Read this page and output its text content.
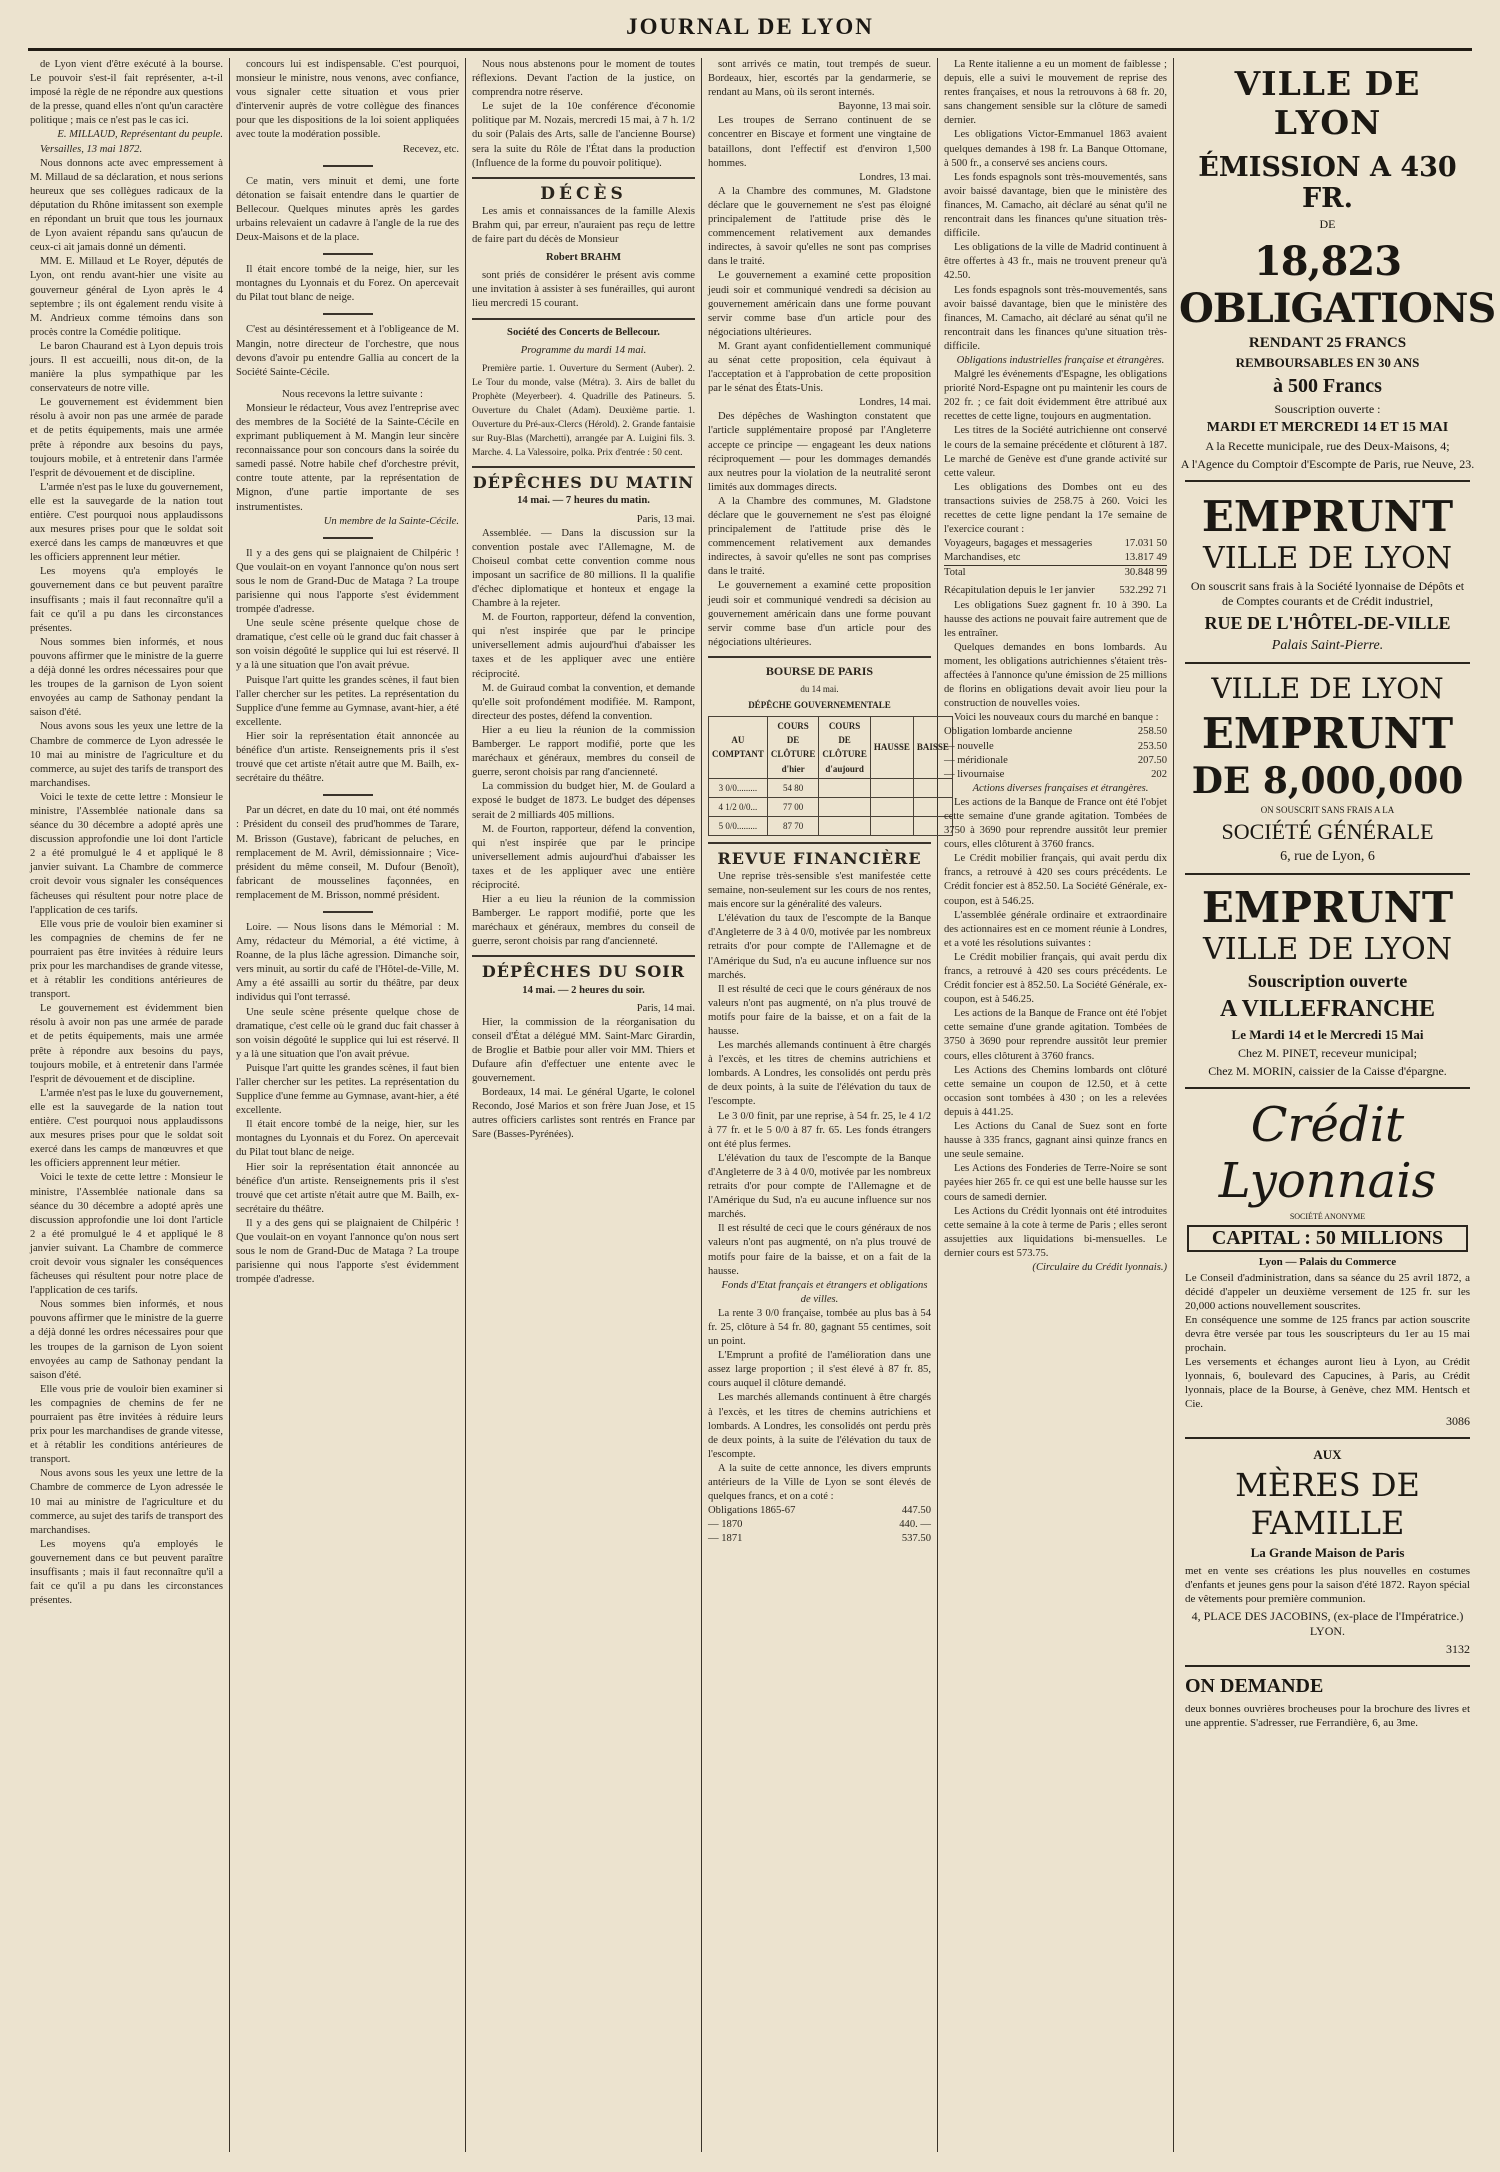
JOURNAL DE LYON

de Lyon vient d'être exécuté à la bourse. Le pouvoir s'est-il fait représenter, a-t-il imposé la règle de ne répondre aux questions de la presse, quand elles n'ont qu'un caractère politique ; mais ce n'est pas le cas ici.

E. MILLAUD, Représentant du peuple.

Versailles, 13 mai 1872.

Nous donnons acte avec empressement à M. Millaud de sa déclaration, et nous serions heureux que ses collègues radicaux de la députation du Rhône imitassent son exemple en répondant un bruit que tous les journaux de Lyon avaient répandu sans qu'aucun de ceux-ci ait jamais donné un démenti.

MM. E. Millaud et Le Royer, députés de Lyon, ont rendu avant-hier une visite au gouverneur général de Lyon après le 4 septembre ; ils ont également rendu visite à M. Andrieux comme témoins dans son procès contre la Comédie politique.

Le baron Chaurand est à Lyon depuis trois jours. Il est accueilli, nous dit-on, de la manière la plus sympathique par les conservateurs de notre ville.

Le gouvernement est évidemment bien résolu à avoir non pas une armée de parade et de petits équipements, mais une armée prête à répondre aux besoins du pays, toujours mobile, et à entretenir dans l'armée l'esprit de dévouement et de discipline.

L'armée n'est pas le luxe du gouvernement, elle est la sauvegarde de la nation tout entière. C'est pourquoi nous applaudissons aux mesures prises pour que le soldat soit exercé dans les camps de manœuvres et que les officiers apprennent leur métier.

Les moyens qu'a employés le gouvernement dans ce but peuvent paraître insuffisants ; mais il faut reconnaître qu'il a fait ce qu'il a pu dans les circonstances présentes.

Nous sommes bien informés, et nous pouvons affirmer que le ministre de la guerre a déjà donné les ordres nécessaires pour que les troupes de la garnison de Lyon soient envoyées au camp de Sathonay pendant la saison d'été.

Nous avons sous les yeux une lettre de la Chambre de commerce de Lyon adressée le 10 mai au ministre de l'agriculture et du commerce, au sujet des tarifs de transport des marchandises.

Voici le texte de cette lettre : Monsieur le ministre, l'Assemblée nationale dans sa séance du 30 décembre a adopté après une discussion approfondie une loi dont l'article 2 a été promulgué le 4 et appliqué le 8 janvier suivant. La Chambre de commerce croit devoir vous signaler les conséquences fâcheuses qui résultent pour notre place de l'application de ces tarifs.

Elle vous prie de vouloir bien examiner si les compagnies de chemins de fer ne pourraient pas être invitées à réduire leurs prix pour les marchandises de grande vitesse, et à rétablir les conditions antérieures de transport.

Le gouvernement est évidemment bien résolu à avoir non pas une armée de parade et de petits équipements, mais une armée prête à répondre aux besoins du pays, toujours mobile, et à entretenir dans l'armée l'esprit de dévouement et de discipline.

L'armée n'est pas le luxe du gouvernement, elle est la sauvegarde de la nation tout entière. C'est pourquoi nous applaudissons aux mesures prises pour que le soldat soit exercé dans les camps de manœuvres et que les officiers apprennent leur métier.

Voici le texte de cette lettre : Monsieur le ministre, l'Assemblée nationale dans sa séance du 30 décembre a adopté après une discussion approfondie une loi dont l'article 2 a été promulgué le 4 et appliqué le 8 janvier suivant. La Chambre de commerce croit devoir vous signaler les conséquences fâcheuses qui résultent pour notre place de l'application de ces tarifs.

Nous sommes bien informés, et nous pouvons affirmer que le ministre de la guerre a déjà donné les ordres nécessaires pour que les troupes de la garnison de Lyon soient envoyées au camp de Sathonay pendant la saison d'été.

Elle vous prie de vouloir bien examiner si les compagnies de chemins de fer ne pourraient pas être invitées à réduire leurs prix pour les marchandises de grande vitesse, et à rétablir les conditions antérieures de transport.

Nous avons sous les yeux une lettre de la Chambre de commerce de Lyon adressée le 10 mai au ministre de l'agriculture et du commerce, au sujet des tarifs de transport des marchandises.

Les moyens qu'a employés le gouvernement dans ce but peuvent paraître insuffisants ; mais il faut reconnaître qu'il a fait ce qu'il a pu dans les circonstances présentes.

concours lui est indispensable. C'est pourquoi, monsieur le ministre, nous venons, avec confiance, vous signaler cette situation et vous prier d'intervenir auprès de votre collègue des finances pour que les dispositions de la loi soient appliquées avec toute la modération possible.

Recevez, etc.

Ce matin, vers minuit et demi, une forte détonation se faisait entendre dans le quartier de Bellecour. Quelques minutes après les gardes urbains relevaient un cadavre à l'angle de la rue des Deux-Maisons et de la place.

Il était encore tombé de la neige, hier, sur les montagnes du Lyonnais et du Forez. On apercevait du Pilat tout blanc de neige.

C'est au désintéressement et à l'obligeance de M. Mangin, notre directeur de l'orchestre, que nous devons d'avoir pu entendre Gallia au concert de la Société Sainte-Cécile.

Nous recevons la lettre suivante :

Monsieur le rédacteur, Vous avez l'entreprise avec des membres de la Société de la Sainte-Cécile en exprimant publiquement à M. Mangin leur sincère reconnaissance pour son concours dans la soirée du samedi passé. Notre habile chef d'orchestre prévit, contre toute attente, par la représentation de Mignon, d'une partie importante de ses instrumentistes.

Un membre de la Sainte-Cécile.

Il y a des gens qui se plaignaient de Chilpéric ! Que voulait-on en voyant l'annonce qu'on nous sert sous le nom de Grand-Duc de Mataga ? La troupe parisienne qui nous l'apporte s'est évidemment trompée d'adresse.

Une seule scène présente quelque chose de dramatique, c'est celle où le grand duc fait chasser à son voisin dégoûté le supplice qui lui est réservé. Il y a là une situation que l'on avait prévue.

Puisque l'art quitte les grandes scènes, il faut bien l'aller chercher sur les petites. La représentation du Supplice d'une femme au Gymnase, avant-hier, a été excellente.

Hier soir la représentation était annoncée au bénéfice d'un artiste. Renseignements pris il s'est trouvé que cet artiste n'était autre que M. Bailh, ex-secrétaire du théâtre.

Par un décret, en date du 10 mai, ont été nommés : Président du conseil des prud'hommes de Tarare, M. Brisson (Gustave), fabricant de peluches, en remplacement de M. Avril, démissionnaire ; Vice-président du même conseil, M. Dufour (Benoît), fabricant de mousselines façonnées, en remplacement de M. Brisson, nommé président.

Loire. — Nous lisons dans le Mémorial : M. Amy, rédacteur du Mémorial, a été victime, à Roanne, de la plus lâche agression. Dimanche soir, vers minuit, au sortir du café de l'Hôtel-de-Ville, M. Amy a été assailli au sortir du théâtre, par deux individus qui l'ont terrassé.

Une seule scène présente quelque chose de dramatique, c'est celle où le grand duc fait chasser à son voisin dégoûté le supplice qui lui est réservé. Il y a là une situation que l'on avait prévue.

Puisque l'art quitte les grandes scènes, il faut bien l'aller chercher sur les petites. La représentation du Supplice d'une femme au Gymnase, avant-hier, a été excellente.

Il était encore tombé de la neige, hier, sur les montagnes du Lyonnais et du Forez. On apercevait du Pilat tout blanc de neige.

Hier soir la représentation était annoncée au bénéfice d'un artiste. Renseignements pris il s'est trouvé que cet artiste n'était autre que M. Bailh, ex-secrétaire du théâtre.

Il y a des gens qui se plaignaient de Chilpéric ! Que voulait-on en voyant l'annonce qu'on nous sert sous le nom de Grand-Duc de Mataga ? La troupe parisienne qui nous l'apporte s'est évidemment trompée d'adresse.

Nous nous abstenons pour le moment de toutes réflexions. Devant l'action de la justice, on comprendra notre réserve.

Le sujet de la 10e conférence d'économie politique par M. Nozais, mercredi 15 mai, à 7 h. 1/2 du soir (Palais des Arts, salle de l'ancienne Bourse) sera la suite du Rôle de l'État dans la production (Influence de la forme du pouvoir politique).

DÉCÈS

Les amis et connaissances de la famille Alexis Brahm qui, par erreur, n'auraient pas reçu de lettre de faire part du décès de Monsieur

Robert BRAHM

sont priés de considérer le présent avis comme une invitation à assister à ses funérailles, qui auront lieu mercredi 15 courant.

Société des Concerts de Bellecour.
Programme du mardi 14 mai.

Première partie. 1. Ouverture du Serment (Auber). 2. Le Tour du monde, valse (Métra). 3. Airs de ballet du Prophète (Meyerbeer). 4. Quadrille des Patineurs. 5. Ouverture du Chalet (Adam). Deuxième partie. 1. Ouverture du Pré-aux-Clercs (Hérold). 2. Grande fantaisie sur Ruy-Blas (Marchetti), arrangée par A. Luigini fils. 3. Marche. 4. La Valessoire, polka. Prix d'entrée : 50 cent.

DÉPÊCHES DU MATIN
14 mai. — 7 heures du matin.

Paris, 13 mai.

Assemblée. — Dans la discussion sur la convention postale avec l'Allemagne, M. de Choiseul combat cette convention comme nous imposant un sacrifice de 80 millions. Il la qualifie d'échec diplomatique et honteux et engage la Chambre à la rejeter.

M. de Fourton, rapporteur, défend la convention, qui n'est inspirée que par le principe universellement admis aujourd'hui d'abaisser les taxes et de les appliquer avec une entière réciprocité.

M. de Guiraud combat la convention, et demande qu'elle soit profondément modifiée. M. Rampont, directeur des postes, défend la convention.

Hier a eu lieu la réunion de la commission Bamberger. Le rapport modifié, porte que les maréchaux et généraux, membres du conseil de guerre, seront choisis par rang d'ancienneté.

La commission du budget hier, M. de Goulard a exposé le budget de 1873. Le budget des dépenses serait de 2 milliards 405 millions.

M. de Fourton, rapporteur, défend la convention, qui n'est inspirée que par le principe universellement admis aujourd'hui d'abaisser les taxes et de les appliquer avec une entière réciprocité.

Hier a eu lieu la réunion de la commission Bamberger. Le rapport modifié, porte que les maréchaux et généraux, membres du conseil de guerre, seront choisis par rang d'ancienneté.

DÉPÊCHES DU SOIR
14 mai. — 2 heures du soir.

Paris, 14 mai.

Hier, la commission de la réorganisation du conseil d'État a délégué MM. Saint-Marc Girardin, de Broglie et Batbie pour aller voir MM. Thiers et Dufaure afin d'effectuer une entente avec le gouvernement.

Bordeaux, 14 mai. Le général Ugarte, le colonel Recondo, José Marios et son frère Juan Jose, et 15 autres officiers carlistes sont rentrés en France par Sare (Basses-Pyrénées).

sont arrivés ce matin, tout trempés de sueur. Bordeaux, hier, escortés par la gendarmerie, se rendant au Mans, où ils seront internés.

Bayonne, 13 mai soir.

Les troupes de Serrano continuent de se concentrer en Biscaye et forment une vingtaine de bataillons, dont l'effectif est d'environ 1,500 hommes.

Londres, 13 mai.

A la Chambre des communes, M. Gladstone déclare que le gouvernement ne s'est pas éloigné principalement de l'attitude prise dès le commencement relativement aux demandes indirectes, à savoir qu'elles ne sont pas comprises dans le traité.

Le gouvernement a examiné cette proposition jeudi soir et communiqué vendredi sa décision au gouvernement américain dans une forme pouvant servir comme base d'un article pour des négociations ultérieures.

M. Grant ayant confidentiellement communiqué au sénat cette proposition, cela équivaut à l'acceptation et à l'approbation de cette proposition par le sénat des États-Unis.

Londres, 14 mai.

Des dépêches de Washington constatent que l'article supplémentaire proposé par l'Angleterre accepte ce principe — engageant les deux nations réciproquement — pour les dommages demandés aux neutres pour la violation de la neutralité seront limités aux dommages directs.

A la Chambre des communes, M. Gladstone déclare que le gouvernement ne s'est pas éloigné principalement de l'attitude prise dès le commencement relativement aux demandes indirectes, à savoir qu'elles ne sont pas comprises dans le traité.

Le gouvernement a examiné cette proposition jeudi soir et communiqué vendredi sa décision au gouvernement américain dans une forme pouvant servir comme base d'un article pour des négociations ultérieures.

BOURSE DE PARIS
du 14 mai.
DÉPÊCHE GOUVERNEMENTALE
AU COMPTANT	COURS DE CLÔTURE d'hier	COURS DE CLÔTURE d'aujourd	HAUSSE	BAISSE
3 0/0.........	54 80			
4 1/2 0/0...	77 00			
5 0/0.........	87 70			
REVUE FINANCIÈRE

Une reprise très-sensible s'est manifestée cette semaine, non-seulement sur les cours de nos rentes, mais encore sur la généralité des valeurs.

L'élévation du taux de l'escompte de la Banque d'Angleterre de 3 à 4 0/0, motivée par les nombreux retraits d'or pour compte de l'Allemagne et de l'Amérique du Sud, n'a eu aucune influence sur nos marchés.

Il est résulté de ceci que le cours généraux de nos valeurs n'ont pas augmenté, on n'a plus trouvé de motifs pour faire de la baisse, et on a fait de la hausse.

Les marchés allemands continuent à être chargés à l'excès, et les titres de chemins autrichiens et lombards. A Londres, les consolidés ont perdu près de deux points, à la suite de l'élévation du taux de l'escompte.

Le 3 0/0 finit, par une reprise, à 54 fr. 25, le 4 1/2 à 77 fr. et le 5 0/0 à 87 fr. 65. Les fonds étrangers ont été plus fermes.

L'élévation du taux de l'escompte de la Banque d'Angleterre de 3 à 4 0/0, motivée par les nombreux retraits d'or pour compte de l'Allemagne et de l'Amérique du Sud, n'a eu aucune influence sur nos marchés.

Il est résulté de ceci que le cours généraux de nos valeurs n'ont pas augmenté, on n'a plus trouvé de motifs pour faire de la baisse, et on a fait de la hausse.

Fonds d'Etat français et étrangers et obligations de villes.

La rente 3 0/0 française, tombée au plus bas à 54 fr. 25, clôture à 54 fr. 80, gagnant 55 centimes, soit un point.

L'Emprunt a profité de l'amélioration dans une assez large proportion ; il s'est élevé à 87 fr. 85, cours auquel il clôture demandé.

Les marchés allemands continuent à être chargés à l'excès, et les titres de chemins autrichiens et lombards. A Londres, les consolidés ont perdu près de deux points, à la suite de l'élévation du taux de l'escompte.

A la suite de cette annonce, les divers emprunts antérieurs de la Ville de Lyon se sont élevés de quelques francs, et on a coté :

Obligations 1865-67	447.50
— 1870	440. —
— 1871	537.50

La Rente italienne a eu un moment de faiblesse ; depuis, elle a suivi le mouvement de reprise des rentes françaises, et nous la retrouvons à 68 fr. 20, sans changement sensible sur la clôture de samedi dernier.

Les obligations Victor-Emmanuel 1863 avaient quelques demandes à 198 fr. La Banque Ottomane, à 500 fr., a conservé ses anciens cours.

Les fonds espagnols sont très-mouvementés, sans avoir baissé davantage, bien que le ministère des finances, M. Camacho, ait déclaré au sénat qu'il ne rencontrait dans les finances qu'une situation très-difficile.

Les obligations de la ville de Madrid continuent à être offertes à 43 fr., mais ne trouvent preneur qu'à 42.50.

Les fonds espagnols sont très-mouvementés, sans avoir baissé davantage, bien que le ministère des finances, M. Camacho, ait déclaré au sénat qu'il ne rencontrait dans les finances qu'une situation très-difficile.

Obligations industrielles française et étrangères.

Malgré les événements d'Espagne, les obligations priorité Nord-Espagne ont pu maintenir les cours de 202 fr. ; ce fait doit évidemment être attribué aux recettes de cette ligne, toujours en augmentation.

Les titres de la Société autrichienne ont conservé le cours de la semaine précédente et clôturent à 187. Le marché de Genève est d'une grande activité sur cette valeur.

Les obligations des Dombes ont eu des transactions suivies de 258.75 à 260. Voici les recettes de cette ligne pendant la 17e semaine de l'exercice courant :

Voyageurs, bagages et messageries	17.031 50
Marchandises, etc	13.817 49
Total	30.848 99
Récapitulation depuis le 1er janvier 532.292 71

Les obligations Suez gagnent fr. 10 à 390. La hausse des actions ne pouvait faire autrement que de les entraîner.

Quelques demandes en bons lombards. Au moment, les obligations autrichiennes s'étaient très-affectées à l'annonce qu'une émission de 25 millions de florins en obligations devait avoir lieu pour la construction de nouvelles voies.

Voici les nouveaux cours du marché en banque :

Obligation lombarde ancienne	258.50
— nouvelle	253.50
— méridionale	207.50
— livournaise	202

Actions diverses françaises et étrangères.

Les actions de la Banque de France ont été l'objet cette semaine d'une grande agitation. Tombées de 3750 à 3690 pour reprendre aussitôt leur premier cours, elles clôturent à 3760 francs.

Le Crédit mobilier français, qui avait perdu dix francs, a retrouvé à 420 ses cours précédents. Le Crédit foncier est à 852.50. La Société Générale, ex-coupon, est à 546.25.

L'assemblée générale ordinaire et extraordinaire des actionnaires est en ce moment réunie à Londres, et a voté les résolutions suivantes :

Le Crédit mobilier français, qui avait perdu dix francs, a retrouvé à 420 ses cours précédents. Le Crédit foncier est à 852.50. La Société Générale, ex-coupon, est à 546.25.

Les actions de la Banque de France ont été l'objet cette semaine d'une grande agitation. Tombées de 3750 à 3690 pour reprendre aussitôt leur premier cours, elles clôturent à 3760 francs.

Les Actions des Chemins lombards ont clôturé cette semaine un coupon de 12.50, et à cette occasion sont tombées à 430 ; on les a relevées depuis à 441.25.

Les Actions du Canal de Suez sont en forte hausse à 335 francs, gagnant ainsi quinze francs en une seule semaine.

Les Actions des Fonderies de Terre-Noire se sont payées hier 265 fr. ce qui est une belle hausse sur les cours de samedi dernier.

Les Actions du Crédit lyonnais ont été introduites cette semaine à la cote à terme de Paris ; elles seront assujetties aux liquidations bi-mensuelles. Le dernier cours est 573.75.

(Circulaire du Crédit lyonnais.)

VILLE DE LYON
ÉMISSION A 430 FR.
DE
18,823 OBLIGATIONS
RENDANT 25 FRANCS
REMBOURSABLES EN 30 ANS
à 500 Francs
Souscription ouverte :
MARDI ET MERCREDI 14 ET 15 MAI
A la Recette municipale, rue des Deux-Maisons, 4;
A l'Agence du Comptoir d'Escompte de Paris, rue Neuve, 23.
EMPRUNT
VILLE DE LYON
On souscrit sans frais à la Société lyonnaise de Dépôts et de Comptes courants et de Crédit industriel,
RUE DE L'HÔTEL-DE-VILLE
Palais Saint-Pierre.
VILLE DE LYON
EMPRUNT
DE 8,000,000
ON SOUSCRIT SANS FRAIS A LA
SOCIÉTÉ GÉNÉRALE
6, rue de Lyon, 6
EMPRUNT
VILLE DE LYON
Souscription ouverte
A VILLEFRANCHE
Le Mardi 14 et le Mercredi 15 Mai
Chez M. PINET, receveur municipal;
Chez M. MORIN, caissier de la Caisse d'épargne.
Crédit Lyonnais
SOCIÉTÉ ANONYME
CAPITAL : 50 MILLIONS
Lyon — Palais du Commerce
Le Conseil d'administration, dans sa séance du 25 avril 1872, a décidé d'appeler un deuxième versement de 125 fr. sur les 20,000 actions nouvellement souscrites.
En conséquence une somme de 125 francs par action souscrite devra être versée par tous les souscripteurs du 1er au 15 mai prochain.
Les versements et échanges auront lieu à Lyon, au Crédit lyonnais, 6, boulevard des Capucines, à Paris, au Crédit lyonnais, place de la Bourse, à Genève, chez MM. Hentsch et Cie.
3086
AUX
MÈRES DE FAMILLE
La Grande Maison de Paris
met en vente ses créations les plus nouvelles en costumes d'enfants et jeunes gens pour la saison d'été 1872. Rayon spécial de vêtements pour première communion.
4, PLACE DES JACOBINS, (ex-place de l'Impératrice.) LYON.
3132
ON DEMANDE
deux bonnes ouvrières brocheuses pour la brochure des livres et une apprentie. S'adresser, rue Ferrandière, 6, au 3me.
